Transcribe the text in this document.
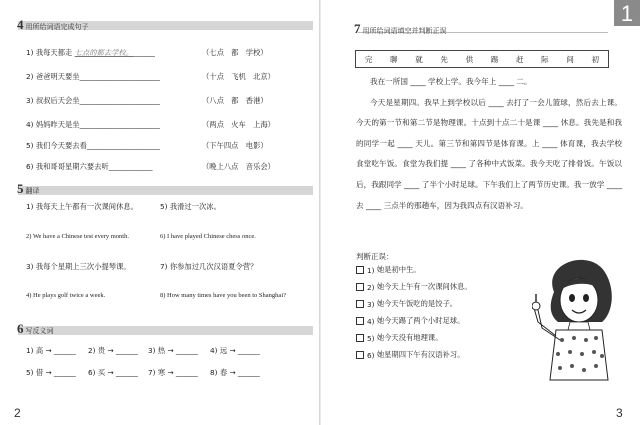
4 用所给词语完成句子
1) 我每天都走 七点的都去学校。______	（七点　都　学校）
2) 爸爸明天要坐______________________	（十点　飞机　北京）
3) 叔叔后天会坐______________________	（八点　都　香港）
4) 妈妈昨天是坐______________________	（两点　火车　上海）
5) 我们今天要去看____________________	（下午四点　电影）
6) 我和哥哥星期六要去听____________	（晚上八点　音乐会）
5 翻译
1) 我每天上午都有一次课间休息。	5) 我滑过一次冰。
2) We have a Chinese test every month.	6) I have played Chinese chess once.
3) 我每个星期上三次小提琴课。	7) 你参加过几次汉语夏令营？
4) He plays golf twice a week.	8) How many times have you been to Shanghai?
6 写反义词
1) 高 → ______ 2) 贵 → ______ 3) 热 → ______ 4) 远 → ______
5) 借 → ______ 6) 买 → ______ 7) 寒 → ______ 8) 春 → ______
2
1
7 用所给词语填空并判断正误
完 聊 就 先 供 踢 赶 际 间 初

我在一所国 ____ 学校上学。我今年上 ____ 二。

今天是星期四。我早上到学校以后 ____ 去打了一会儿篮球，然后去上课。今天的第一节和第二节是物理课。十点到十点二十是课 ____ 休息。我先是和我的同学一起 ____ 天儿。第三节和第四节是体育课。上 ____ 体育课，我去学校食堂吃午饭。食堂为我们提 ____ 了各种中式饭菜。我今天吃了排骨饭。午饭以后，我跟同学 ____ 了半个小时足球。下午我们上了两节历史课。我一放学 ____ 去 ____ 三点半的那趟车，因为我四点有汉语补习。

判断正误：
1)
她是初中生。
2)
她今天上午有一次课间休息。
3)
她今天午饭吃的是饺子。
4)
她今天踢了两个小时足球。
5)
她今天没有地理课。
6)
她星期四下午有汉语补习。
3
